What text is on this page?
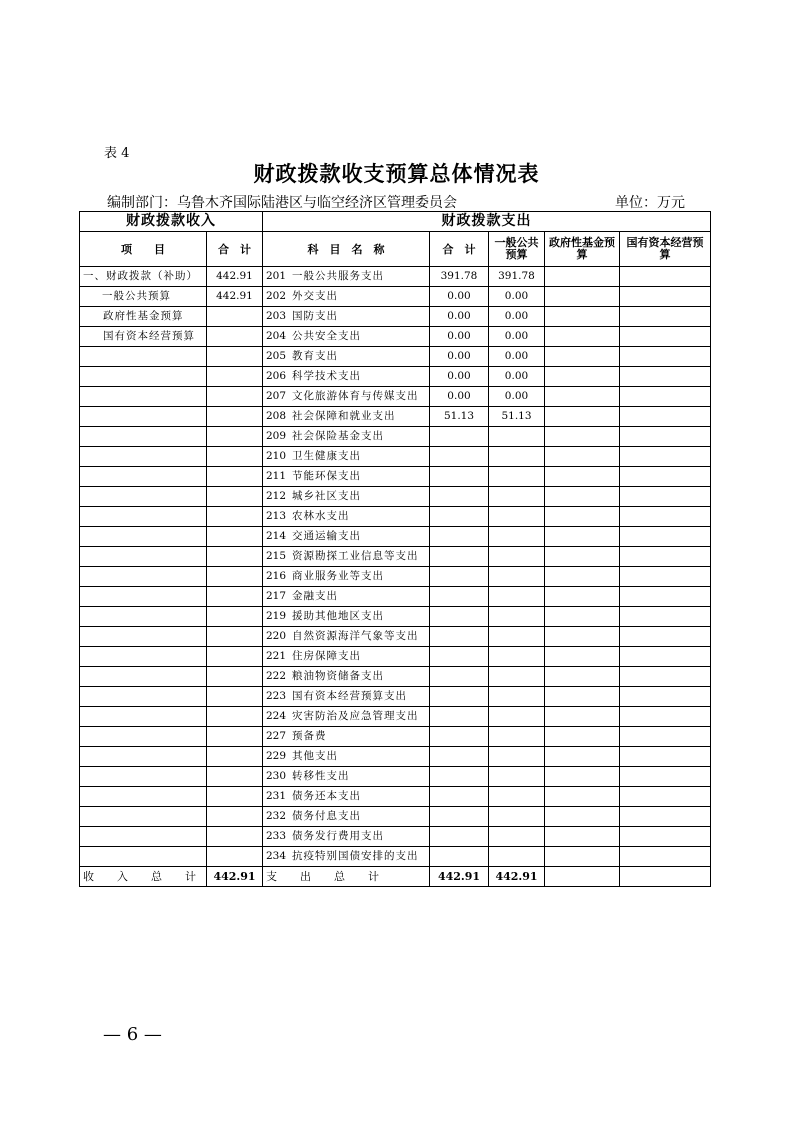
表 4
财政拨款收支预算总体情况表
编制部门：乌鲁木齐国际陆港区与临空经济区管理委员会	单位：万元
财政拨款收入		财政拨款支出				
项　　目	合　计	科　目　名　称	合　计	一般公共预算	政府性基金预算	国有资本经营预算
一、财政拨款（补助）	442.91	201 一般公共服务支出	391.78	391.78		
一般公共预算	442.91	202 外交支出	0.00	0.00		
政府性基金预算		203 国防支出	0.00	0.00		
国有资本经营预算		204 公共安全支出	0.00	0.00		
		205 教育支出	0.00	0.00		
		206 科学技术支出	0.00	0.00		
		207 文化旅游体育与传媒支出	0.00	0.00		
		208 社会保障和就业支出	51.13	51.13		
		209 社会保险基金支出				
		210 卫生健康支出				
		211 节能环保支出				
		212 城乡社区支出				
		213 农林水支出				
		214 交通运输支出				
		215 资源勘探工业信息等支出				
		216 商业服务业等支出				
		217 金融支出				
		219 援助其他地区支出				
		220 自然资源海洋气象等支出				
		221 住房保障支出				
		222 粮油物资储备支出				
		223 国有资本经营预算支出				
		224 灾害防治及应急管理支出				
		227 预备费				
		229 其他支出				
		230 转移性支出				
		231 债务还本支出				
		232 债务付息支出				
		233 债务发行费用支出				
		234 抗疫特别国债安排的支出				
收　入　总　计	442.91	支　出　总　计	442.91	442.91		
— 6 —
